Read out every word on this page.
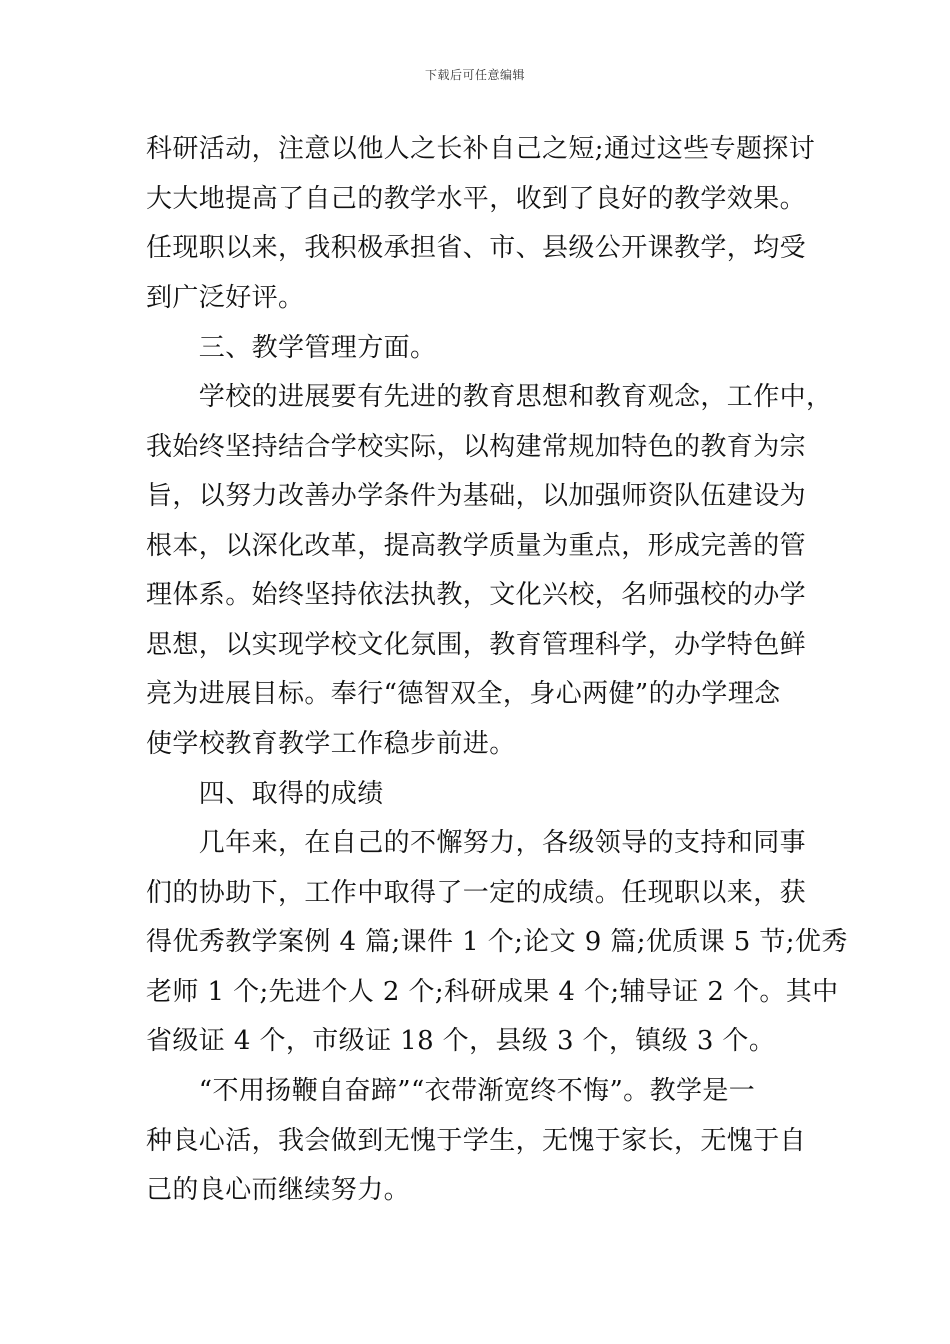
下载后可任意编辑
科研活动，注意以他人之长补自己之短;通过这些专题探讨
大大地提高了自己的教学水平，收到了良好的教学效果。
任现职以来，我积极承担省、市、县级公开课教学，均受
到广泛好评。
　　三、教学管理方面。
　　学校的进展要有先进的教育思想和教育观念，工作中，
我始终坚持结合学校实际，以构建常规加特色的教育为宗
旨，以努力改善办学条件为基础，以加强师资队伍建设为
根本，以深化改革，提高教学质量为重点，形成完善的管
理体系。始终坚持依法执教，文化兴校，名师强校的办学
思想，以实现学校文化氛围，教育管理科学，办学特色鲜
亮为进展目标。奉行“德智双全，身心两健”的办学理念
使学校教育教学工作稳步前进。
　　四、取得的成绩
　　几年来，在自己的不懈努力，各级领导的支持和同事
们的协助下，工作中取得了一定的成绩。任现职以来，获
得优秀教学案例 4 篇;课件 1 个;论文 9 篇;优质课 5 节;优秀
老师 1 个;先进个人 2 个;科研成果 4 个;辅导证 2 个。其中
省级证 4 个，市级证 18 个，县级 3 个，镇级 3 个。
　　“不用扬鞭自奋蹄”“衣带渐宽终不悔”。教学是一
种良心活，我会做到无愧于学生，无愧于家长，无愧于自
己的良心而继续努力。
